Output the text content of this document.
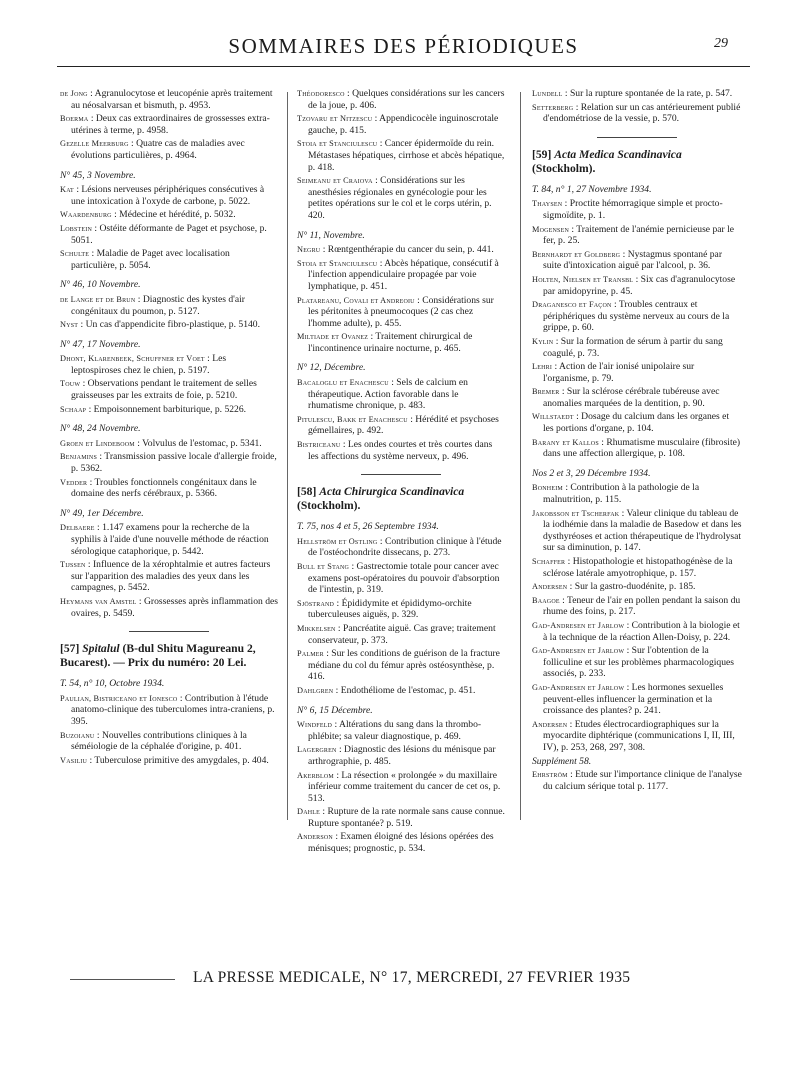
SOMMAIRES DES PÉRIODIQUES	29

de Jong : Agranulocytose et leucopénie après traitement au néosalvarsan et bismuth, p. 4953.

Boerma : Deux cas extraordinaires de grossesses extra-utérines à terme, p. 4958.

Gezelle Meerburg : Quatre cas de maladies avec évolutions particulières, p. 4964.

N° 45, 3 Novembre.

Kat : Lésions nerveuses périphériques consécutives à une intoxication à l'oxyde de carbone, p. 5022.

Waardenburg : Médecine et hérédité, p. 5032.

Lobstein : Ostéite déformante de Paget et psychose, p. 5051.

Schulte : Maladie de Paget avec localisation particulière, p. 5054.

N° 46, 10 Novembre.

de Lange et de Brun : Diagnostic des kystes d'air congénitaux du poumon, p. 5127.

Nyst : Un cas d'appendicite fibro-plastique, p. 5140.

N° 47, 17 Novembre.

Dhont, Klarenbeek, Schuffner et Voet : Les leptospiroses chez le chien, p. 5197.

Touw : Observations pendant le traitement de selles graisseuses par les extraits de foie, p. 5210.

Schaap : Empoisonnement barbiturique, p. 5226.

N° 48, 24 Novembre.

Groen et Lindeboom : Volvulus de l'estomac, p. 5341.

Benjamins : Transmission passive locale d'allergie froide, p. 5362.

Vedder : Troubles fonctionnels congénitaux dans le domaine des nerfs cérébraux, p. 5366.

N° 49, 1er Décembre.

Delbaere : 1.147 examens pour la recherche de la syphilis à l'aide d'une nouvelle méthode de réaction sérologique cataphorique, p. 5442.

Tijssen : Influence de la xérophtalmie et autres facteurs sur l'apparition des maladies des yeux dans les campagnes, p. 5452.

Heymans van Amstel : Grossesses après inflammation des ovaires, p. 5459.

[57] Spitalul (B-dul Shitu Magureanu 2, Bucarest). — Prix du numéro: 20 Lei.
T. 54, n° 10, Octobre 1934.

Paulian, Bistriceano et Ionesco : Contribution à l'étude anatomo-clinique des tuberculomes intra-craniens, p. 395.

Buzoianu : Nouvelles contributions cliniques à la séméiologie de la céphalée d'origine, p. 401.

Vasiliu : Tuberculose primitive des amygdales, p. 404.

Théodoresco : Quelques considérations sur les cancers de la joue, p. 406.

Tzovaru et Nitzescu : Appendicocèle inguinoscrotale gauche, p. 415.

Stoia et Stanciulescu : Cancer épidermoïde du rein. Métastases hépatiques, cirrhose et abcès hépatique, p. 418.

Seimeanu et Craiova : Considérations sur les anesthésies régionales en gynécologie pour les petites opérations sur le col et le corps utérin, p. 420.

N° 11, Novembre.

Negru : Rœntgenthérapie du cancer du sein, p. 441.

Stoia et Stanciulescu : Abcès hépatique, consécutif à l'infection appendiculaire propagée par voie lymphatique, p. 451.

Platareanu, Covali et Andreoiu : Considérations sur les péritonites à pneumocoques (2 cas chez l'homme adulte), p. 455.

Miltiade et Ovanez : Traitement chirurgical de l'incontinence urinaire nocturne, p. 465.

N° 12, Décembre.

Bacaloglu et Enachescu : Sels de calcium en thérapeutique. Action favorable dans le rhumatisme chronique, p. 483.

Pitulescu, Bakk et Enachescu : Hérédité et psychoses gémellaires, p. 492.

Bistriceanu : Les ondes courtes et très courtes dans les affections du système nerveux, p. 496.

[58] Acta Chirurgica Scandinavica (Stockholm).
T. 75, nos 4 et 5, 26 Septembre 1934.

Hellström et Ostling : Contribution clinique à l'étude de l'ostéochondrite dissecans, p. 273.

Bull et Stang : Gastrectomie totale pour cancer avec examens post-opératoires du pouvoir d'absorption de l'intestin, p. 319.

Sjöstrand : Épididymite et épididymo-orchite tuberculeuses aiguës, p. 329.

Mikkelsen : Pancréatite aiguë. Cas grave; traitement conservateur, p. 373.

Palmer : Sur les conditions de guérison de la fracture médiane du col du fémur après ostéosynthèse, p. 416.

Dahlgren : Endothéliome de l'estomac, p. 451.

N° 6, 15 Décembre.

Windfeld : Altérations du sang dans la thrombo-phlébite; sa valeur diagnostique, p. 469.

Lagergren : Diagnostic des lésions du ménisque par arthrographie, p. 485.

Akerblom : La résection « prolongée » du maxillaire inférieur comme traitement du cancer de cet os, p. 513.

Dahle : Rupture de la rate normale sans cause connue. Rupture spontanée? p. 519.

Anderson : Examen éloigné des lésions opérées des ménisques; prognostic, p. 534.

Lundell : Sur la rupture spontanée de la rate, p. 547.

Setterberg : Relation sur un cas antérieurement publié d'endométriose de la vessie, p. 570.

[59] Acta Medica Scandinavica (Stockholm).
T. 84, n° 1, 27 Novembre 1934.

Thaysen : Proctite hémorragique simple et procto-sigmoïdite, p. 1.

Mogensen : Traitement de l'anémie pernicieuse par le fer, p. 25.

Bernhardt et Goldberg : Nystagmus spontané par suite d'intoxication aiguë par l'alcool, p. 36.

Holten, Nielsen et Transbl : Six cas d'agranulocytose par amidopyrine, p. 45.

Draganesco et Façon : Troubles centraux et périphériques du système nerveux au cours de la grippe, p. 60.

Kylin : Sur la formation de sérum à partir du sang coagulé, p. 73.

Lehri : Action de l'air ionisé unipolaire sur l'organisme, p. 79.

Bremer : Sur la sclérose cérébrale tubéreuse avec anomalies marquées de la dentition, p. 90.

Willstaedt : Dosage du calcium dans les organes et les portions d'organe, p. 104.

Barany et Kallos : Rhumatisme musculaire (fibrosite) dans une affection allergique, p. 108.

Nos 2 et 3, 29 Décembre 1934.

Bonheim : Contribution à la pathologie de la malnutrition, p. 115.

Jakobsson et Tscherfak : Valeur clinique du tableau de la iodhémie dans la maladie de Basedow et dans les dysthyréoses et action thérapeutique de l'hydrolysat sur sa diminution, p. 147.

Schaffer : Histopathologie et histopathogénèse de la sclérose latérale amyotrophique, p. 157.

Andersen : Sur la gastro-duodénite, p. 185.

Baagoe : Teneur de l'air en pollen pendant la saison du rhume des foins, p. 217.

Gad-Andresen et Jarlow : Contribution à la biologie et à la technique de la réaction Allen-Doisy, p. 224.

Gad-Andresen et Jarlow : Sur l'obtention de la folliculine et sur les problèmes pharmacologiques associés, p. 233.

Gad-Andresen et Jarlow : Les hormones sexuelles peuvent-elles influencer la germination et la croissance des plantes? p. 241.

Andersen : Etudes électrocardiographiques sur la myocardite diphtérique (communications I, II, III, IV), p. 253, 268, 297, 308.

Supplément 58.

Ehrström : Etude sur l'importance clinique de l'analyse du calcium sérique total p. 1177.

LA PRESSE MEDICALE, N° 17, MERCREDI, 27 FEVRIER 1935
